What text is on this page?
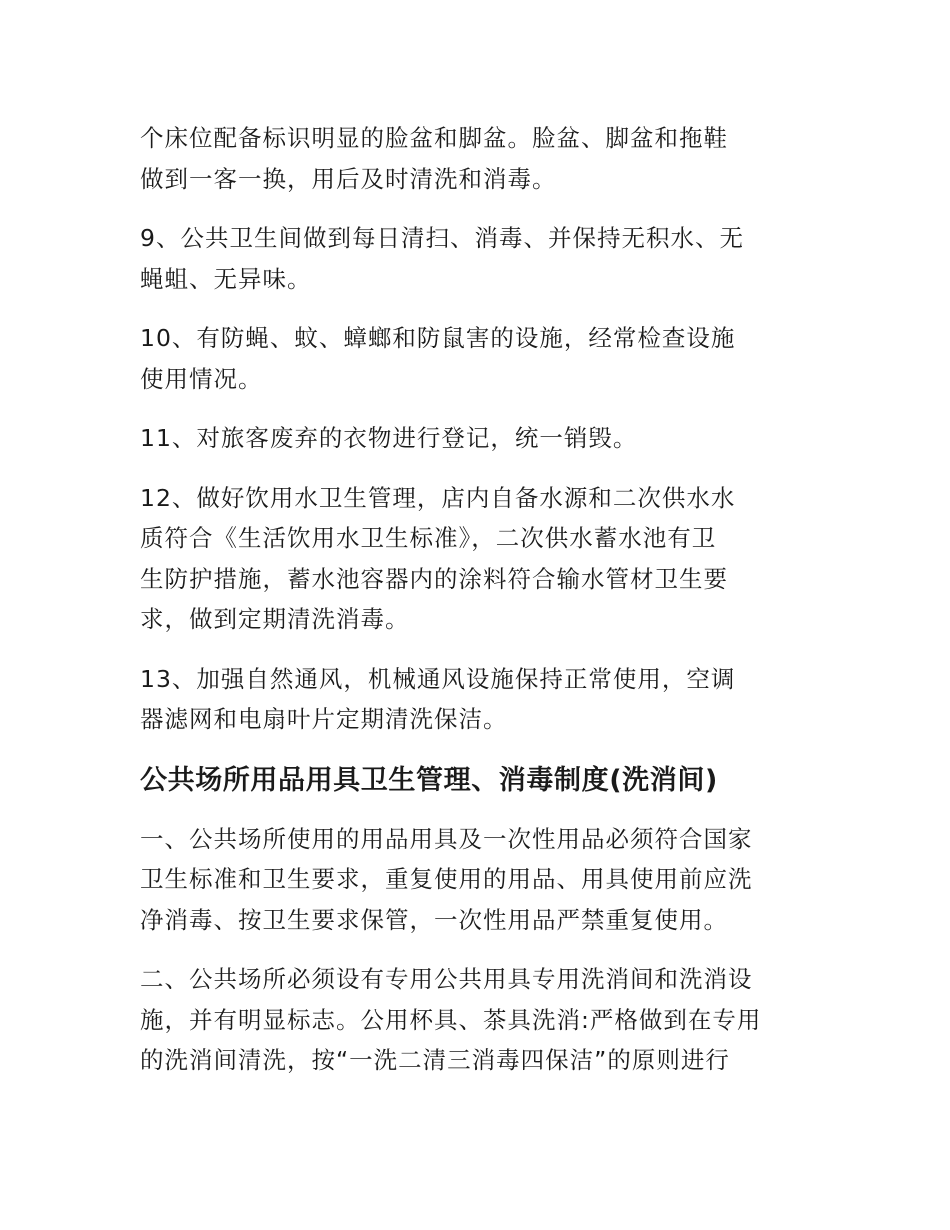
个床位配备标识明显的脸盆和脚盆。脸盆、脚盆和拖鞋
做到一客一换，用后及时清洗和消毒。

9、公共卫生间做到每日清扫、消毒、并保持无积水、无
蝇蛆、无异味。

10、有防蝇、蚊、蟑螂和防鼠害的设施，经常检查设施
使用情况。

11、对旅客废弃的衣物进行登记，统一销毁。

12、做好饮用水卫生管理，店内自备水源和二次供水水
质符合《生活饮用水卫生标准》，二次供水蓄水池有卫
生防护措施，蓄水池容器内的涂料符合输水管材卫生要
求，做到定期清洗消毒。

13、加强自然通风，机械通风设施保持正常使用，空调
器滤网和电扇叶片定期清洗保洁。

公共场所用品用具卫生管理、消毒制度(洗消间)

一、公共场所使用的用品用具及一次性用品必须符合国家
卫生标准和卫生要求，重复使用的用品、用具使用前应洗
净消毒、按卫生要求保管，一次性用品严禁重复使用。

二、公共场所必须设有专用公共用具专用洗消间和洗消设
施，并有明显标志。公用杯具、茶具洗消:严格做到在专用
的洗消间清洗，按“一洗二清三消毒四保洁”的原则进行
